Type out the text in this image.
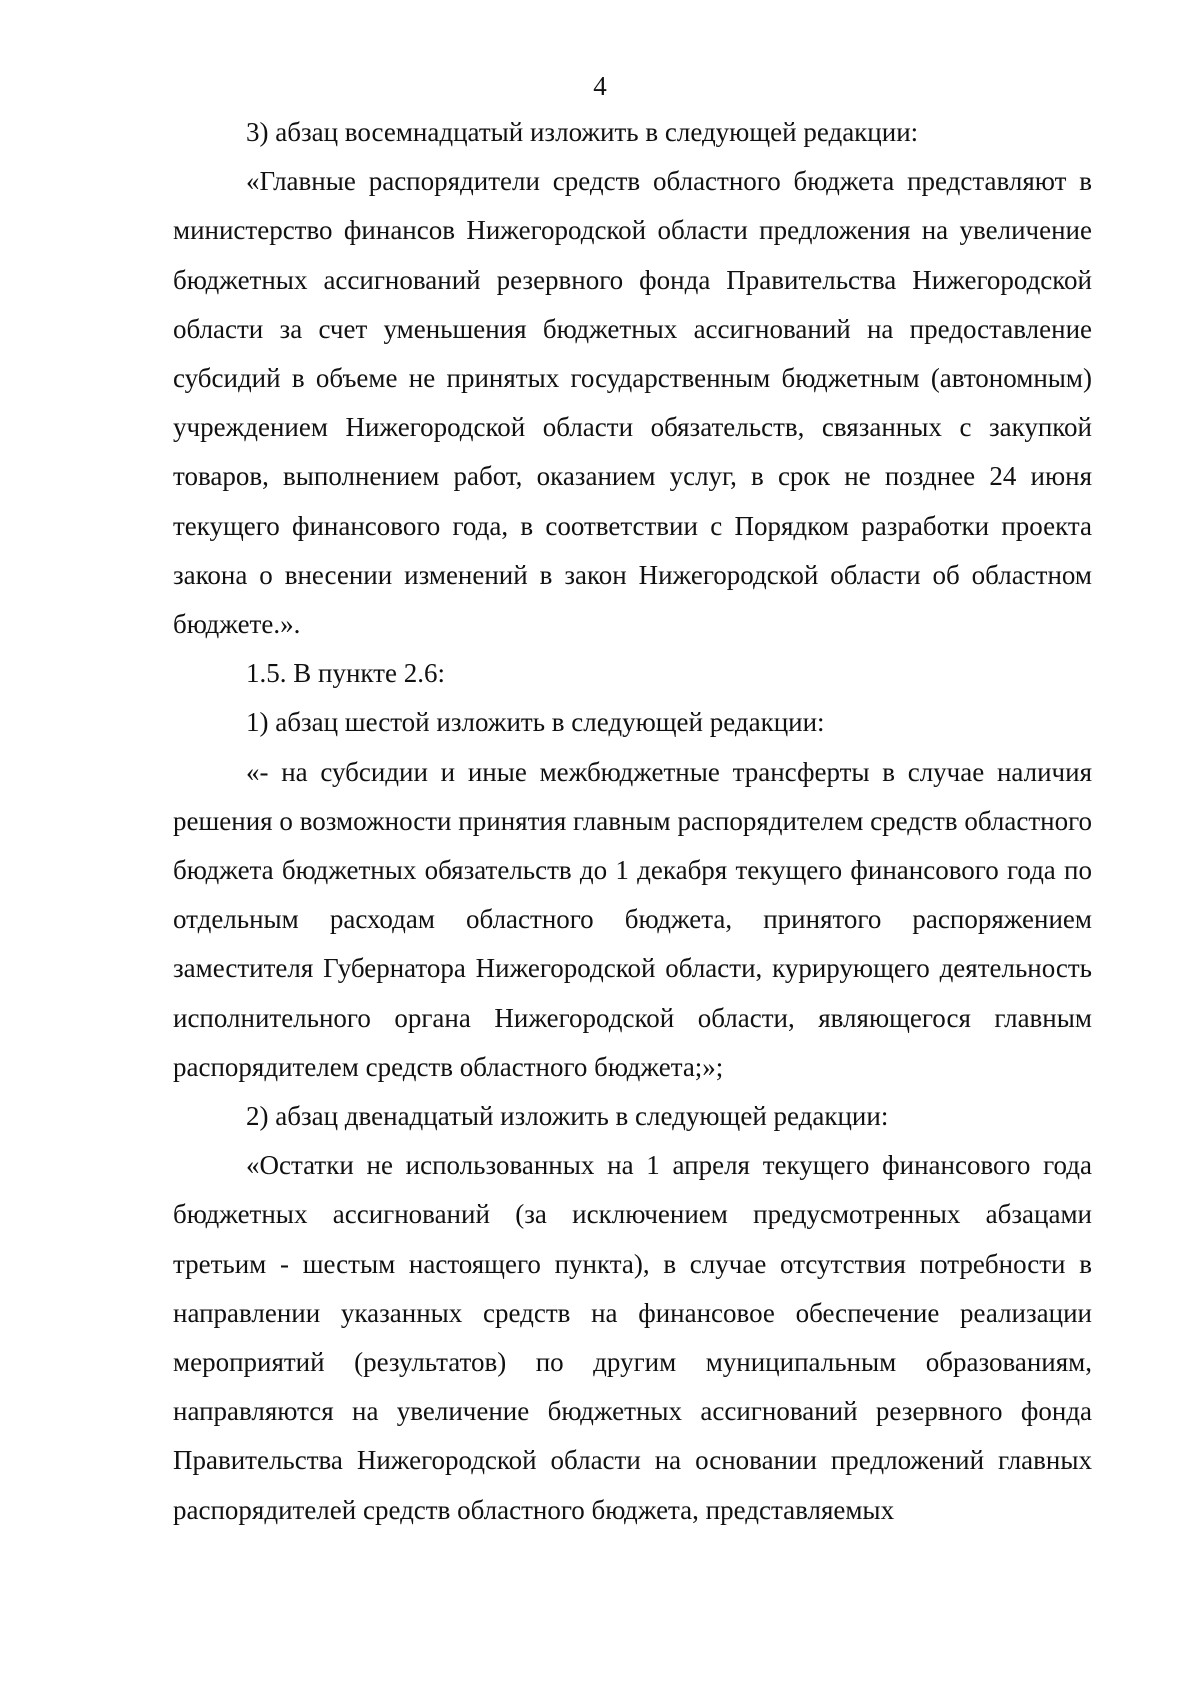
4

3) абзац восемнадцатый изложить в следующей редакции:

«Главные распорядители средств областного бюджета представляют в министерство финансов Нижегородской области предложения на увеличение бюджетных ассигнований резервного фонда Правительства Нижегородской области за счет уменьшения бюджетных ассигнований на предоставление субсидий в объеме не принятых государственным бюджетным (автономным) учреждением Нижегородской области обязательств, связанных с закупкой товаров, выполнением работ, оказанием услуг, в срок не позднее 24 июня текущего финансового года, в соответствии с Порядком разработки проекта закона о внесении изменений в закон Нижегородской области об областном бюджете.».

1.5. В пункте 2.6:

1) абзац шестой изложить в следующей редакции:

«- на субсидии и иные межбюджетные трансферты в случае наличия решения о возможности принятия главным распорядителем средств областного бюджета бюджетных обязательств до 1 декабря текущего финансового года по отдельным расходам областного бюджета, принятого распоряжением заместителя Губернатора Нижегородской области, курирующего деятельность исполнительного органа Нижегородской области, являющегося главным распорядителем средств областного бюджета;»;

2) абзац двенадцатый изложить в следующей редакции:

«Остатки не использованных на 1 апреля текущего финансового года бюджетных ассигнований (за исключением предусмотренных абзацами третьим - шестым настоящего пункта), в случае отсутствия потребности в направлении указанных средств на финансовое обеспечение реализации мероприятий (результатов) по другим муниципальным образованиям, направляются на увеличение бюджетных ассигнований резервного фонда Правительства Нижегородской области на основании предложений главных распорядителей средств областного бюджета, представляемых
